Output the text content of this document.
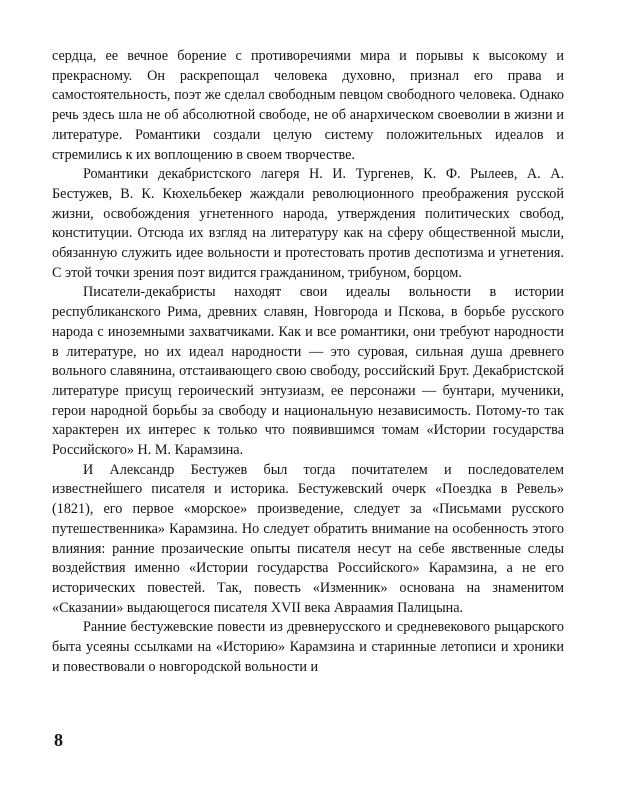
сердца, ее вечное борение с противоречиями мира и порывы к высокому и прекрасному. Он раскрепощал человека духовно, признал его права и самостоятельность, поэт же сделал свободным певцом свободного человека. Однако речь здесь шла не об абсолютной свободе, не об анархическом своеволии в жизни и литературе. Романтики создали целую систему положительных идеалов и стремились к их воплощению в своем творчестве.

Романтики декабристского лагеря Н. И. Тургенев, К. Ф. Рылеев, А. А. Бестужев, В. К. Кюхельбекер жаждали революционного преображения русской жизни, освобождения угнетенного народа, утверждения политических свобод, конституции. Отсюда их взгляд на литературу как на сферу общественной мысли, обязанную служить идее вольности и протестовать против деспотизма и угнетения. С этой точки зрения поэт видится гражданином, трибуном, борцом.

Писатели-декабристы находят свои идеалы вольности в истории республиканского Рима, древних славян, Новгорода и Пскова, в борьбе русского народа с иноземными захватчиками. Как и все романтики, они требуют народности в литературе, но их идеал народности — это суровая, сильная душа древнего вольного славянина, отстаивающего свою свободу, российский Брут. Декабристской литературе присущ героический энтузиазм, ее персонажи — бунтари, мученики, герои народной борьбы за свободу и национальную независимость. Потому-то так характерен их интерес к только что появившимся томам «Истории государства Российского» Н. М. Карамзина.

И Александр Бестужев был тогда почитателем и последователем известнейшего писателя и историка. Бестужевский очерк «Поездка в Ревель» (1821), его первое «морское» произведение, следует за «Письмами русского путешественника» Карамзина. Но следует обратить внимание на особенность этого влияния: ранние прозаические опыты писателя несут на себе явственные следы воздействия именно «Истории государства Российского» Карамзина, а не его исторических повестей. Так, повесть «Изменник» основана на знаменитом «Сказании» выдающегося писателя XVII века Авраамия Палицына.

Ранние бестужевские повести из древнерусского и средневекового рыцарского быта усеяны ссылками на «Историю» Карамзина и старинные летописи и хроники и повествовали о новгородской вольности и

8
